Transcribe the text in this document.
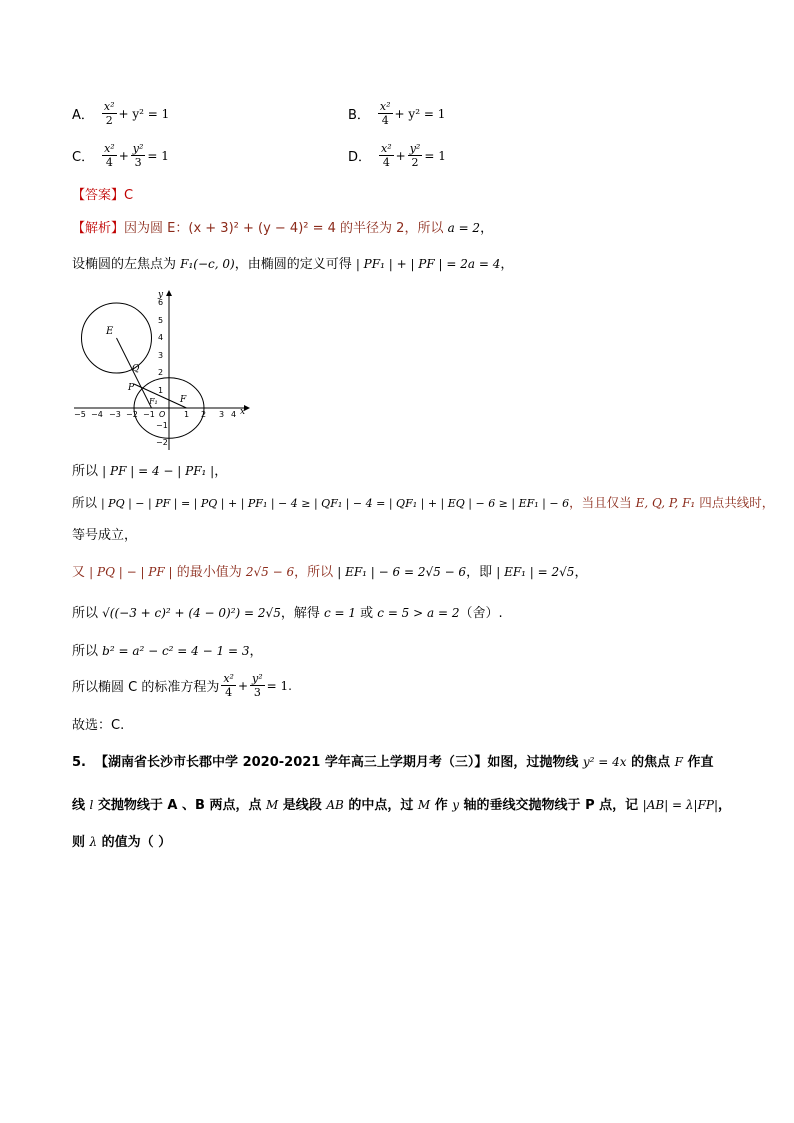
A． $\frac{\text{x²}}{2} + y^2 = 1$	B． $\frac{\text{x²}}{4} + y^2 = 1$
C． $\frac{\text{x²}}{4} + \frac{\text{y²}}{3} = 1$	D． $\frac{\text{x²}}{4} + \frac{\text{y²}}{2} = 1$
【答案】C
【解析】因为圆 E：(x + 3)² + (y − 4)² = 4 的半径为 2，所以 a = 2，
设椭圆的左焦点为 F₁(−c, 0)，由椭圆的定义可得 | PF₁ | + | PF | = 2a = 4，
E
Q
P
F₁ F
x
y
−5 −4 −3 −2 −1 O 1 2 3 4
6
5
4
3
2
1
−1
−2
所以 | PF | = 4 − | PF₁ |，
所以 | PQ | − | PF | = | PQ | + | PF₁ | − 4 ≥ | QF₁ | − 4 = | QF₁ | + | EQ | − 6 ≥ | EF₁ | − 6，当且仅当 E, Q, P, F₁ 四点共线时，
等号成立，
又 | PQ | − | PF | 的最小值为 2√5 − 6，所以 | EF₁ | − 6 = 2√5 − 6，即 | EF₁ | = 2√5，
所以 √((−3 + c)² + (4 − 0)²) = 2√5，解得 c = 1 或 c = 5 > a = 2（舍）.
所以 b² = a² − c² = 4 − 1 = 3，
所以椭圆 C 的标准方程为 $\frac{\text{x²}}{4} + \frac{\text{y²}}{3} = 1$.
故选：C.
5. 【湖南省长沙市长郡中学 2020-2021 学年高三上学期月考（三）】如图，过抛物线 y² = 4x 的焦点 F 作直
线 l 交抛物线于 A 、B 两点，点 M 是线段 AB 的中点，过 M 作 y 轴的垂线交抛物线于 P 点，记 |AB| = λ|FP|，
则 λ 的值为（ ）
